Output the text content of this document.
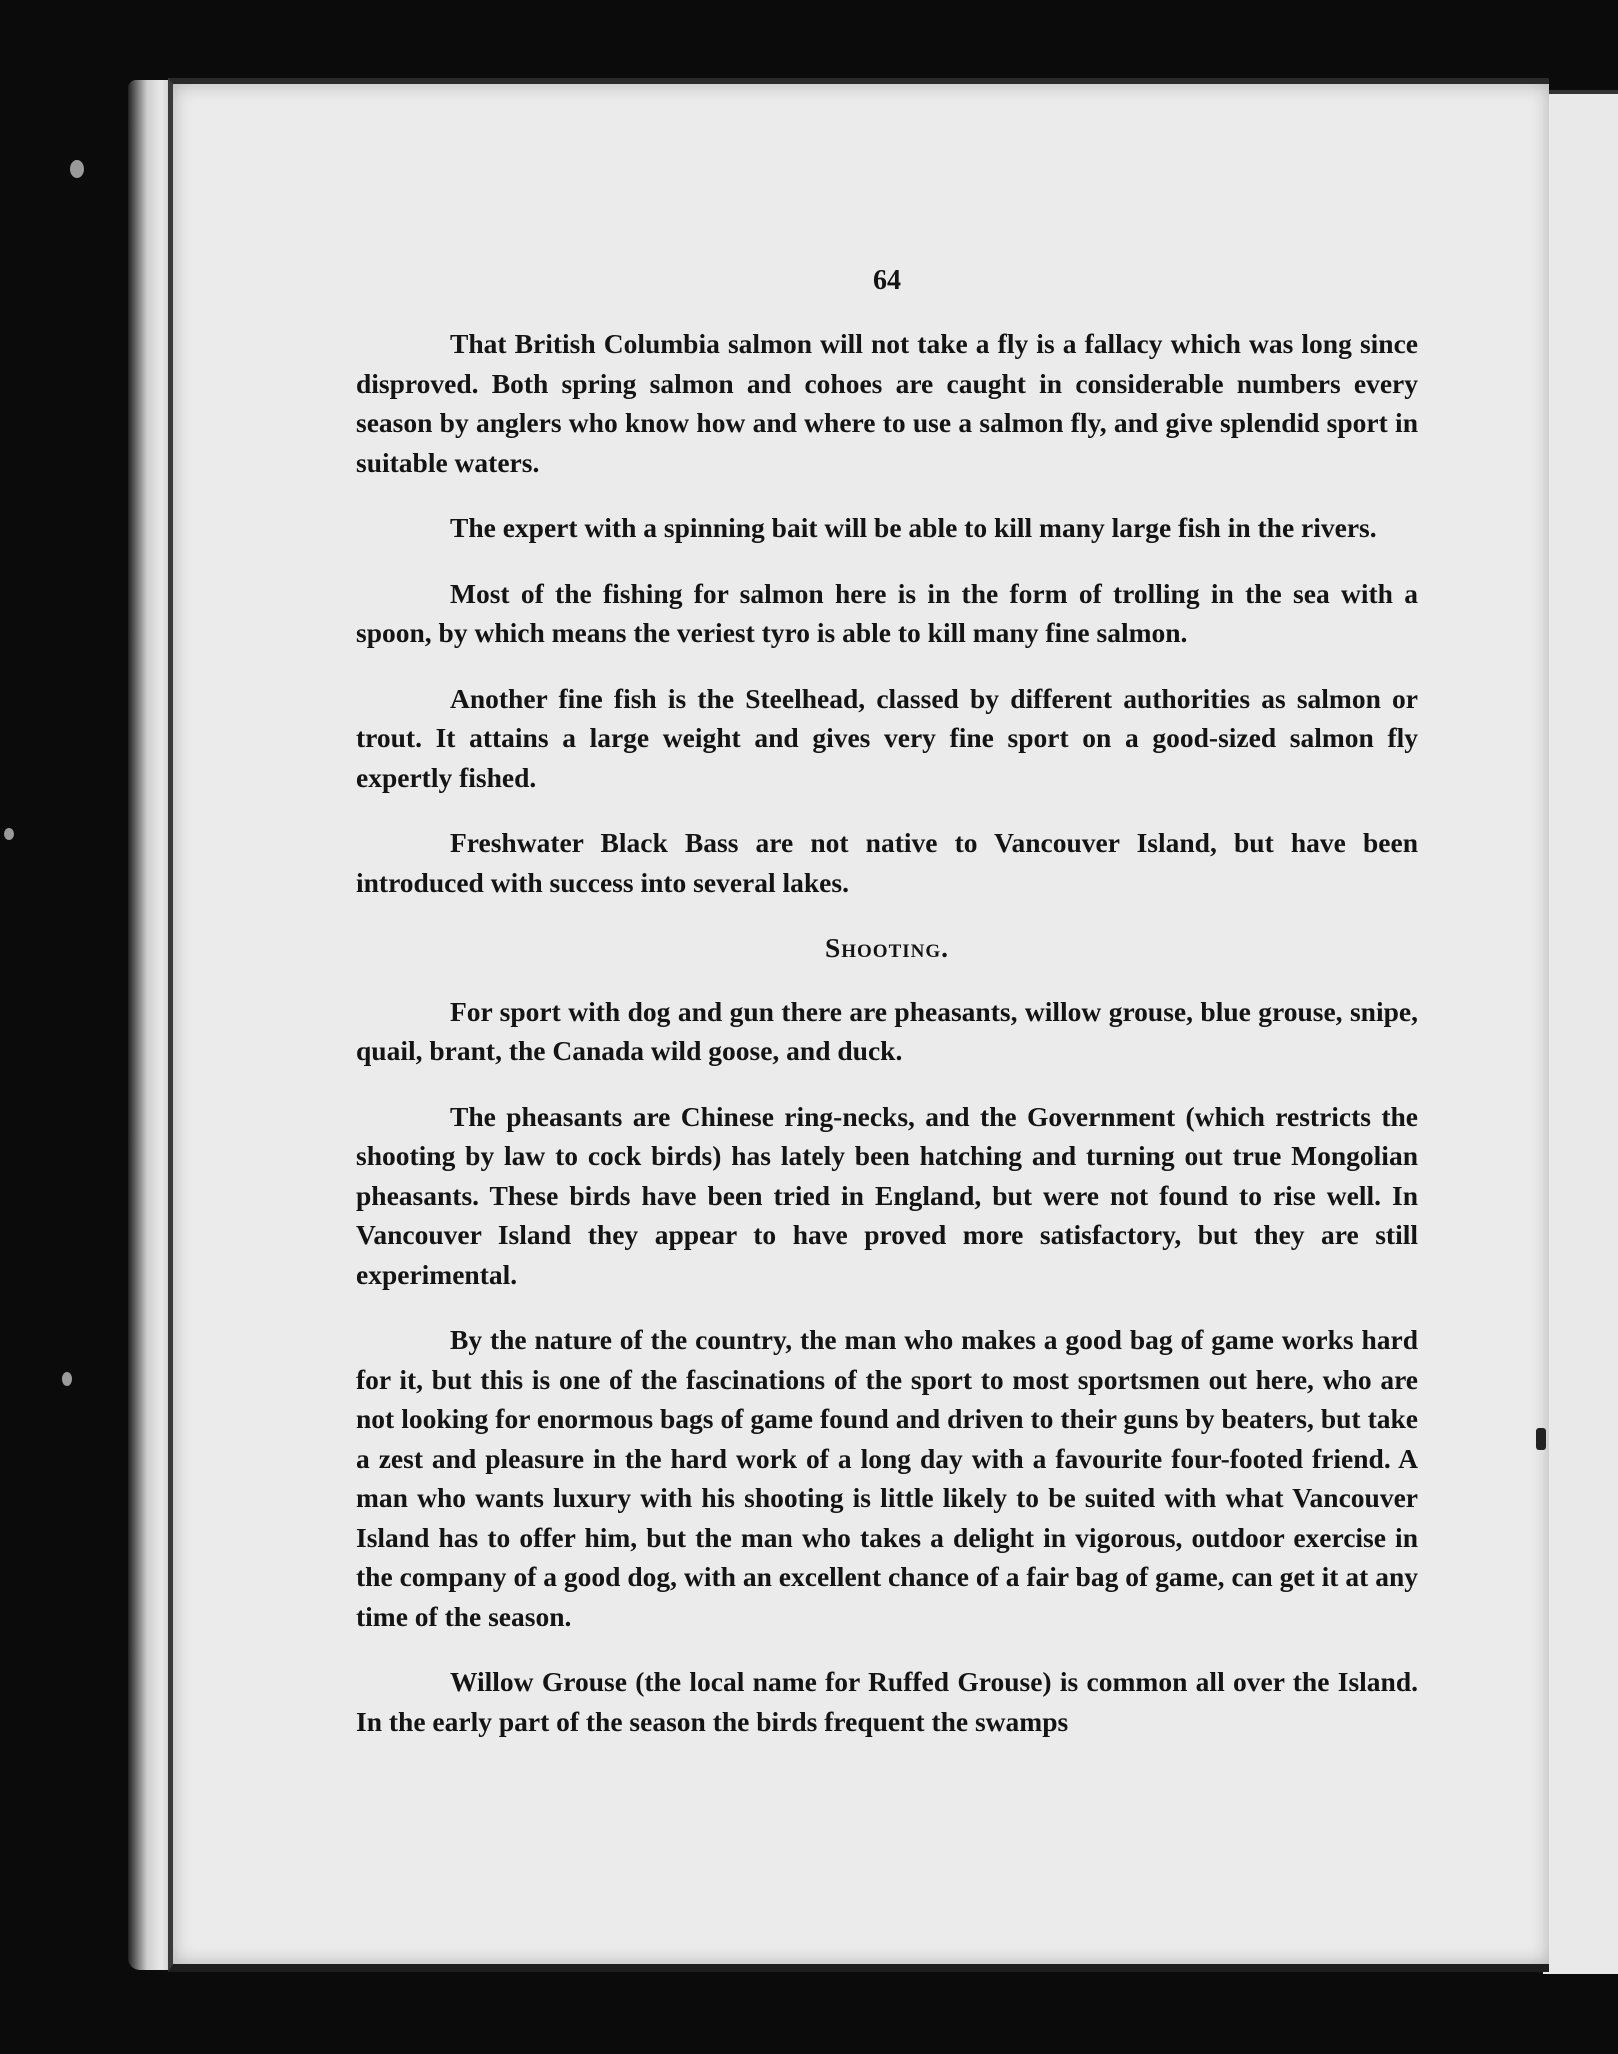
64

That British Columbia salmon will not take a fly is a fallacy which was long since disproved. Both spring salmon and cohoes are caught in considerable numbers every season by anglers who know how and where to use a salmon fly, and give splendid sport in suitable waters.

The expert with a spinning bait will be able to kill many large fish in the rivers.

Most of the fishing for salmon here is in the form of trolling in the sea with a spoon, by which means the veriest tyro is able to kill many fine salmon.

Another fine fish is the Steelhead, classed by different authorities as salmon or trout. It attains a large weight and gives very fine sport on a good-sized salmon fly expertly fished.

Freshwater Black Bass are not native to Vancouver Island, but have been introduced with success into several lakes.

Shooting.

For sport with dog and gun there are pheasants, willow grouse, blue grouse, snipe, quail, brant, the Canada wild goose, and duck.

The pheasants are Chinese ring-necks, and the Government (which restricts the shooting by law to cock birds) has lately been hatching and turning out true Mongolian pheasants. These birds have been tried in England, but were not found to rise well. In Vancouver Island they appear to have proved more satisfactory, but they are still experimental.

By the nature of the country, the man who makes a good bag of game works hard for it, but this is one of the fascinations of the sport to most sportsmen out here, who are not looking for enormous bags of game found and driven to their guns by beaters, but take a zest and pleasure in the hard work of a long day with a favourite four-footed friend. A man who wants luxury with his shooting is little likely to be suited with what Vancouver Island has to offer him, but the man who takes a delight in vigorous, outdoor exercise in the company of a good dog, with an excellent chance of a fair bag of game, can get it at any time of the season.

Willow Grouse (the local name for Ruffed Grouse) is common all over the Island. In the early part of the season the birds frequent the swamps
